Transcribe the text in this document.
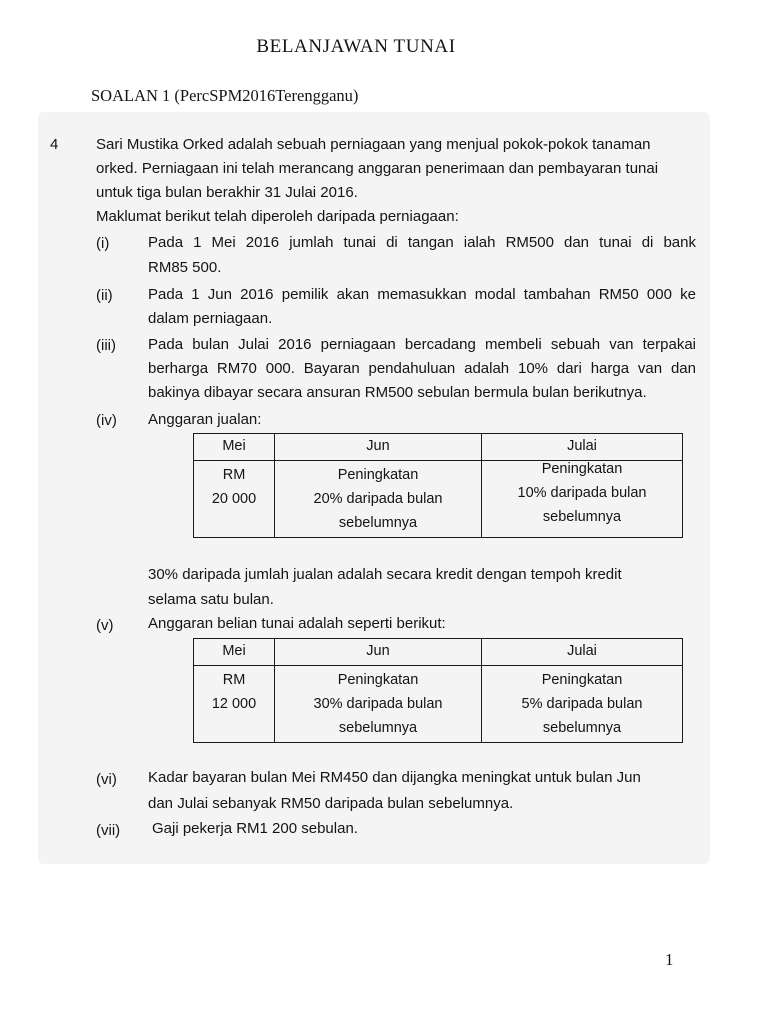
BELANJAWAN TUNAI
SOALAN 1 (PercSPM2016Terengganu)
4	Sari Mustika Orked adalah sebuah perniagaan yang menjual pokok-pokok tanaman
orked. Perniagaan ini telah merancang anggaran penerimaan dan pembayaran tunai
untuk tiga bulan berakhir 31 Julai 2016.
Maklumat berikut telah diperoleh daripada perniagaan:
(i)	Pada 1 Mei 2016 jumlah tunai di tangan ialah RM500 dan tunai di bank
RM85 500.
(ii) Pada 1 Jun 2016 pemilik akan memasukkan modal tambahan RM50 000 ke
dalam perniagaan.
(iii) Pada bulan Julai 2016 perniagaan bercadang membeli sebuah van terpakai
berharga RM70 000. Bayaran pendahuluan adalah 10% dari harga van dan
bakinya dibayar secara ansuran RM500 sebulan bermula bulan berikutnya.
(iv) Anggaran jualan:
Mei	Jun	Julai

RM
20 000	Peningkatan
20% daripada bulan
sebelumnya	Peningkatan
10% daripada bulan
sebelumnya
30% daripada jumlah jualan adalah secara kredit dengan tempoh kredit
selama satu bulan.
(v) Anggaran belian tunai adalah seperti berikut:
Mei	Jun	Julai

RM
12 000	Peningkatan
30% daripada bulan
sebelumnya	Peningkatan
5% daripada bulan
sebelumnya
(vi) Kadar bayaran bulan Mei RM450 dan dijangka meningkat untuk bulan Jun
dan Julai sebanyak RM50 daripada bulan sebelumnya.
(vii) Gaji pekerja RM1 200 sebulan.
1
